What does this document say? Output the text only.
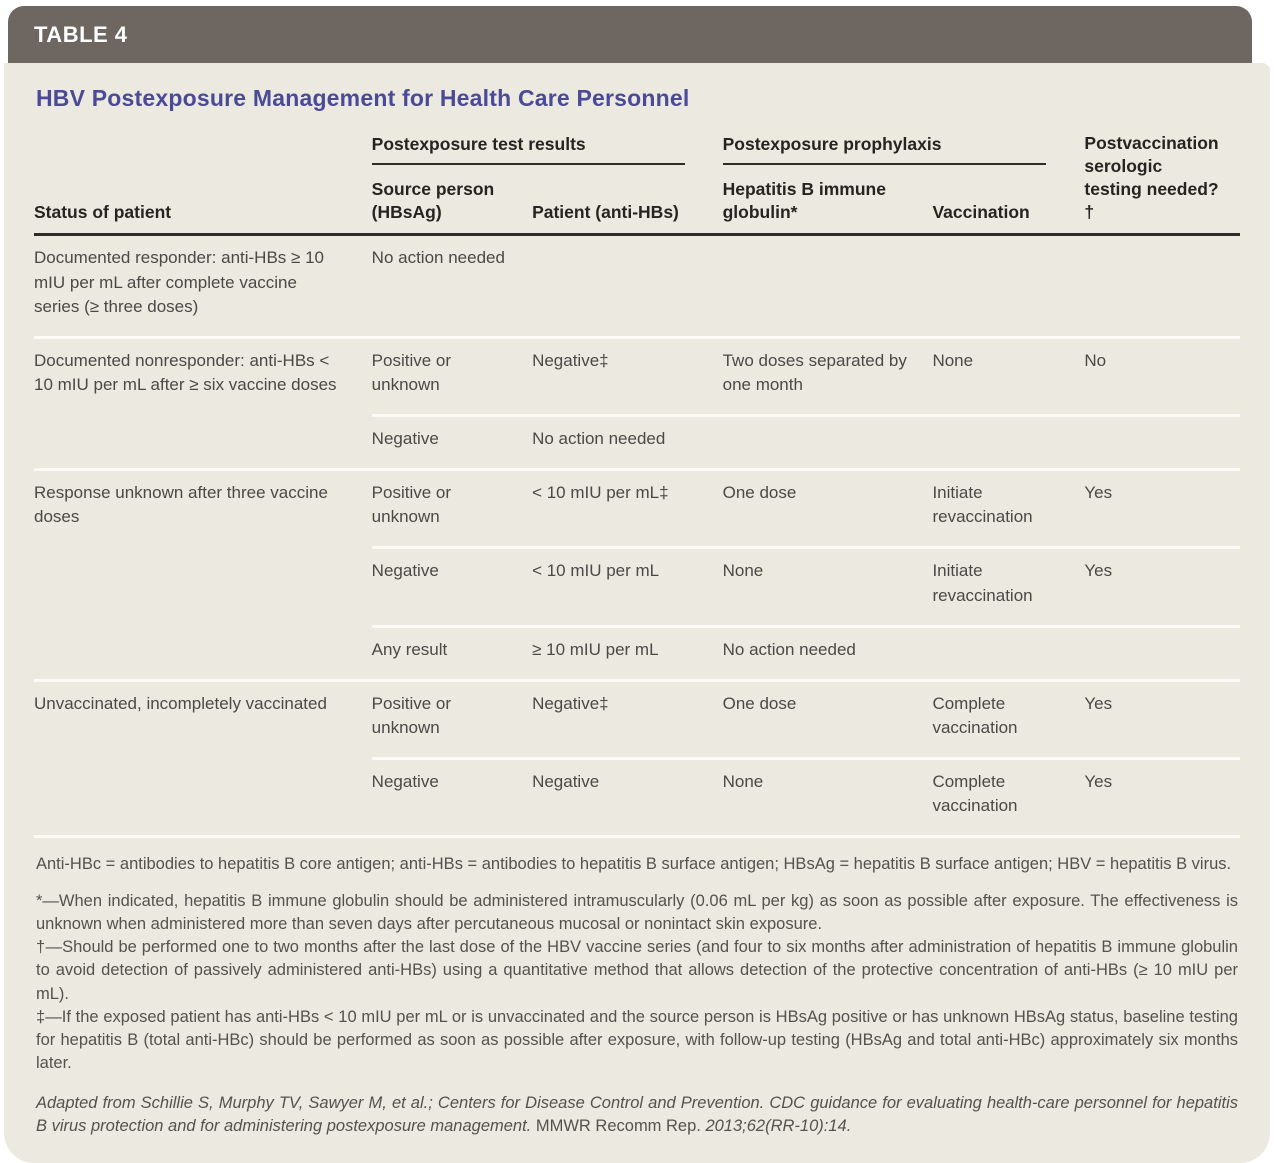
TABLE 4
HBV Postexposure Management for Health Care Personnel
Status of patient	Postexposure test results		Postexposure prophylaxis		Postvaccination serologic testing needed?†
	Source person (HBsAg)	Patient (anti-HBs)	Hepatitis B immune globulin*	Vaccination	
Documented responder: anti-HBs ≥ 10 mIU per mL after complete vaccine series (≥ three doses)	No action needed				
Documented nonresponder: anti-HBs < 10 mIU per mL after ≥ six vaccine doses	Positive or unknown	Negative‡	Two doses separated by one month	None	No
	Negative	No action needed			
Response unknown after three vaccine doses	Positive or unknown	< 10 mIU per mL‡	One dose	Initiate revaccination	Yes
	Negative	< 10 mIU per mL	None	Initiate revaccination	Yes
	Any result	≥ 10 mIU per mL	No action needed		
Unvaccinated, incompletely vaccinated	Positive or unknown	Negative‡	One dose	Complete vaccination	Yes
	Negative	Negative	None	Complete vaccination	Yes

Anti-HBc = antibodies to hepatitis B core antigen; anti-HBs = antibodies to hepatitis B surface antigen; HBsAg = hepatitis B surface antigen; HBV = hepatitis B virus.

*—When indicated, hepatitis B immune globulin should be administered intramuscularly (0.06 mL per kg) as soon as possible after exposure. The effectiveness is unknown when administered more than seven days after percutaneous mucosal or nonintact skin exposure.

†—Should be performed one to two months after the last dose of the HBV vaccine series (and four to six months after administration of hepatitis B immune globulin to avoid detection of passively administered anti-HBs) using a quantitative method that allows detection of the protective concentration of anti-HBs (≥ 10 mIU per mL).

‡—If the exposed patient has anti-HBs < 10 mIU per mL or is unvaccinated and the source person is HBsAg positive or has unknown HBsAg status, baseline testing for hepatitis B (total anti-HBc) should be performed as soon as possible after exposure, with follow-up testing (HBsAg and total anti-HBc) approximately six months later.

Adapted from Schillie S, Murphy TV, Sawyer M, et al.; Centers for Disease Control and Prevention. CDC guidance for evaluating health-care personnel for hepatitis B virus protection and for administering postexposure management. MMWR Recomm Rep. 2013;62(RR-10):14.
